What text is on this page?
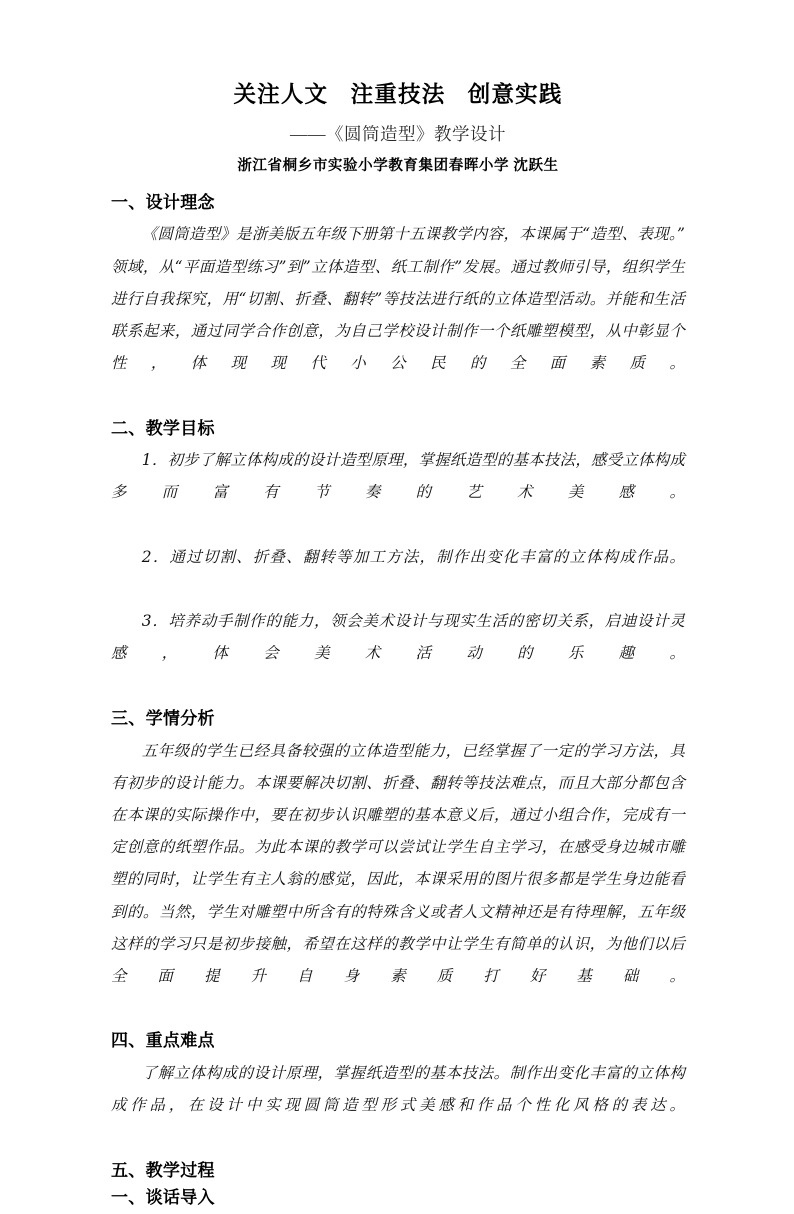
关注人文   注重技法   创意实践
——《圆筒造型》教学设计
浙江省桐乡市实验小学教育集团春晖小学 沈跃生
一、设计理念

《圆筒造型》是浙美版五年级下册第十五课教学内容，本课属于“造型、表现。”领域，从“平面造型练习”到”立体造型、纸工制作”发展。通过教师引导，组织学生进行自我探究，用“切割、折叠、翻转”等技法进行纸的立体造型活动。并能和生活联系起来，通过同学合作创意，为自己学校设计制作一个纸雕塑模型，从中彰显个性，体现现代小公民的全面素质。

二、教学目标

1．初步了解立体构成的设计造型原理，掌握纸造型的基本技法，感受立体构成多而富有节奏的艺术美感。

2．通过切割、折叠、翻转等加工方法，制作出变化丰富的立体构成作品。

3．培养动手制作的能力，领会美术设计与现实生活的密切关系，启迪设计灵感，体会美术活动的乐趣。

三、学情分析

五年级的学生已经具备较强的立体造型能力，已经掌握了一定的学习方法，具有初步的设计能力。本课要解决切割、折叠、翻转等技法难点，而且大部分都包含在本课的实际操作中，要在初步认识雕塑的基本意义后，通过小组合作，完成有一定创意的纸塑作品。为此本课的教学可以尝试让学生自主学习，在感受身边城市雕塑的同时，让学生有主人翁的感觉，因此，本课采用的图片很多都是学生身边能看到的。当然，学生对雕塑中所含有的特殊含义或者人文精神还是有待理解，五年级这样的学习只是初步接触，希望在这样的教学中让学生有简单的认识，为他们以后全面提升自身素质打好基础。

四、重点难点

了解立体构成的设计原理，掌握纸造型的基本技法。制作出变化丰富的立体构成作品，在设计中实现圆筒造型形式美感和作品个性化风格的表达。

五、教学过程
一、谈话导入
